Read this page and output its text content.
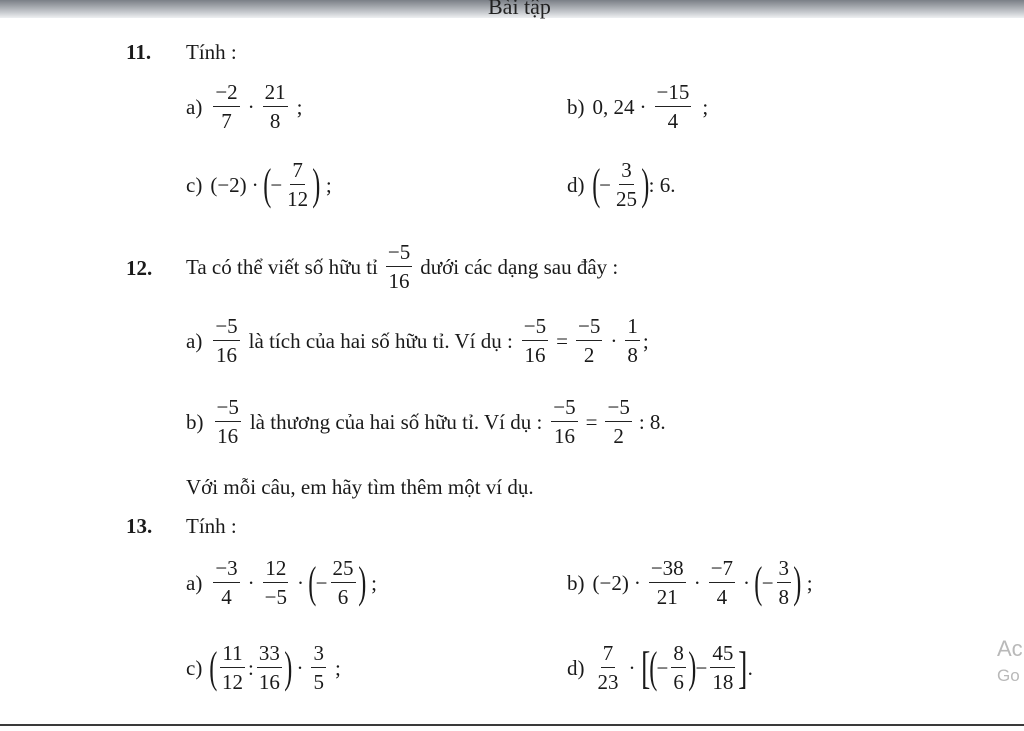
Bài tập
11. Tính :
$a) \frac{-2}{7} \cdot \frac{21}{8}$ ;	b) 0, $24 \cdot \frac{-15}{4}$ ;
c) (−2) · ( − $\frac{7}{12}$ ) ;	d) ( − $\frac{3}{25}$ ) : 6.
12. Ta có thể viết số hữu tỉ $\frac{-5}{16}$ dưới các dạng sau đây :
$a) \frac{-5}{16}$ là tích của hai số hữu tỉ. Ví dụ : $\frac{-5}{16} = \frac{-5}{2} \cdot \frac{1}{8}$ ;
$b) \frac{-5}{16}$ là thương của hai số hữu tỉ. Ví dụ : $\frac{-5}{16} = \frac{-5}{2}$ : 8.
Với mỗi câu, em hãy tìm thêm một ví dụ.
13. Tính :
$a) \frac{-3}{4} \cdot \frac{12}{-5}$ · ( − $\frac{25}{6}$ ) ;	b) $(-2) \cdot \frac{-38}{21} \cdot \frac{-7}{4}$ · ( − $\frac{3}{8}$ ) ;
c) ( $\frac{11}{12}$ : $\frac{33}{16}$ ) · $\frac{3}{5}$ ;	$d) \frac{7}{23}$ · [ ( − $\frac{8}{6}$ ) − $\frac{45}{18}$ ] .
Ac
Go
